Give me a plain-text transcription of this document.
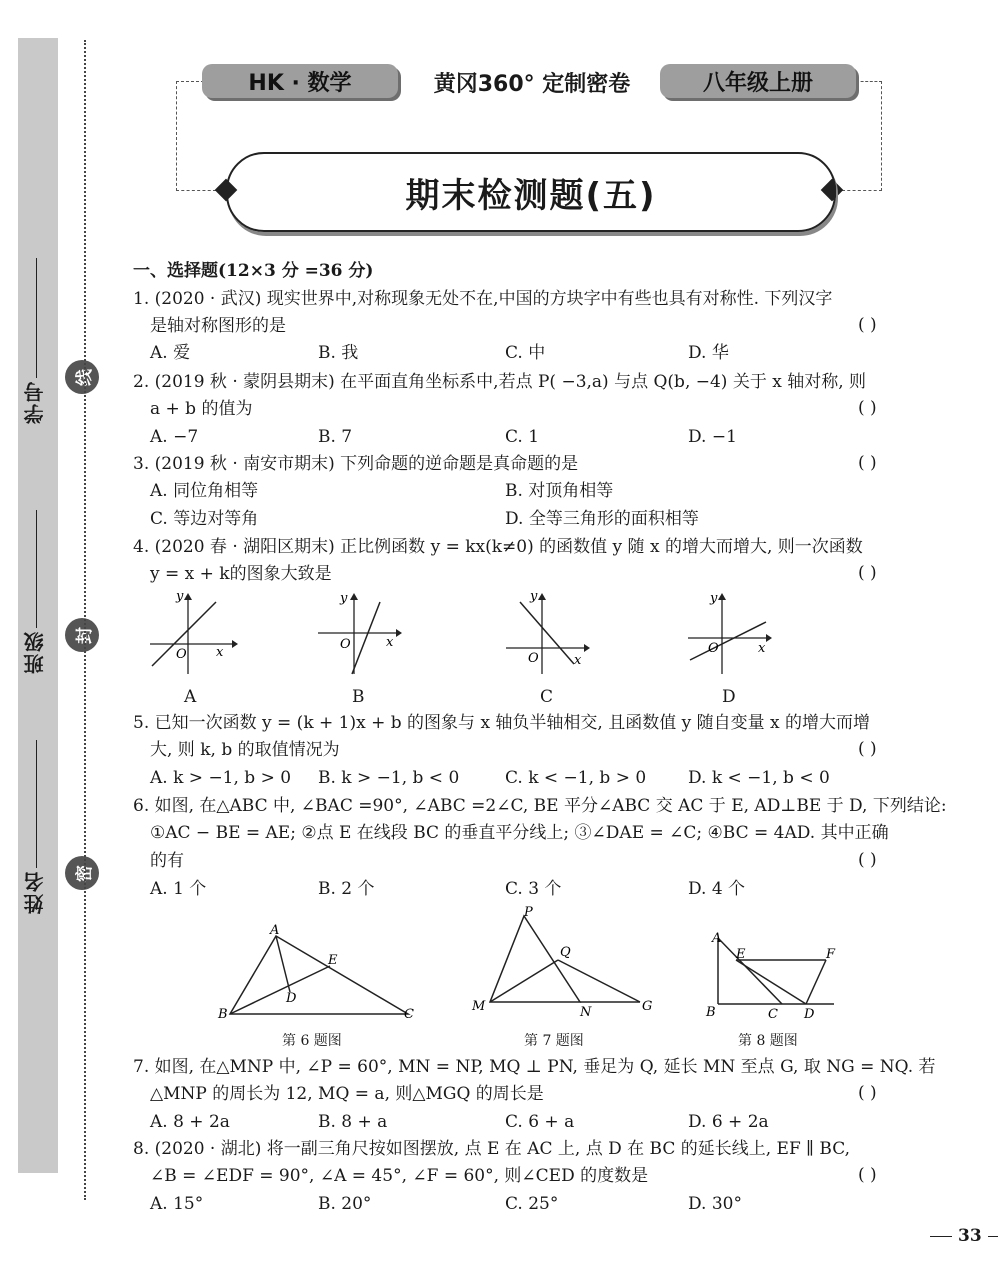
学号
班级
姓名
线
封
密
HK · 数学	黄冈360° 定制密卷	八年级上册
期末检测题(五)
一、选择题(12×3 分 =36 分)
1. (2020 · 武汉) 现实世界中,对称现象无处不在,中国的方块字中有些也具有对称性. 下列汉字
是轴对称图形的是	( )
A. 爱	B. 我	C. 中	D. 华
2. (2019 秋 · 蒙阴县期末) 在平面直角坐标系中,若点 P( −3,a) 与点 Q(b, −4) 关于 x 轴对称, 则
a + b 的值为	( )
A. −7	B. 7	C. 1	D. −1
3. (2019 秋 · 南安市期末) 下列命题的逆命题是真命题的是	( )
A. 同位角相等	B. 对顶角相等
C. 等边对等角	D. 全等三角形的面积相等
4. (2020 春 · 湖阳区期末) 正比例函数 y = kx(k≠0) 的函数值 y 随 x 的增大而增大, 则一次函数
y = x + k的图象大致是	( )
y
x
O
A
y
x
O
B
y
x
O
C
y
x
O
D
5. 已知一次函数 y = (k + 1)x + b 的图象与 x 轴负半轴相交, 且函数值 y 随自变量 x 的增大而增
大, 则 k, b 的取值情况为	( )
A. k > −1, b > 0 B. k > −1, b < 0	C. k < −1, b > 0 D. k < −1, b < 0
6. 如图, 在△ABC 中, ∠BAC =90°, ∠ABC =2∠C, BE 平分∠ABC 交 AC 于 E, AD⊥BE 于 D, 下列结论:
①AC − BE = AE; ②点 E 在线段 BC 的垂直平分线上; ③∠DAE = ∠C; ④BC = 4AD. 其中正确
的有	( )
A. 1 个	B. 2 个	C. 3 个	D. 4 个
A
B	C
D
E
第 6 题图
P
Q
M	N	G
第 7 题图
A
E	F
B	C D
第 8 题图
7. 如图, 在△MNP 中, ∠P = 60°, MN = NP, MQ ⊥ PN, 垂足为 Q, 延长 MN 至点 G, 取 NG = NQ. 若
△MNP 的周长为 12, MQ = a, 则△MGQ 的周长是	( )
A. 8 + 2a	B. 8 + a	C. 6 + a	D. 6 + 2a
8. (2020 · 湖北) 将一副三角尺按如图摆放, 点 E 在 AC 上, 点 D 在 BC 的延长线上, EF ∥ BC,
∠B = ∠EDF = 90°, ∠A = 45°, ∠F = 60°, 则∠CED 的度数是	( )
A. 15°	B. 20°	C. 25°	D. 30°
33
